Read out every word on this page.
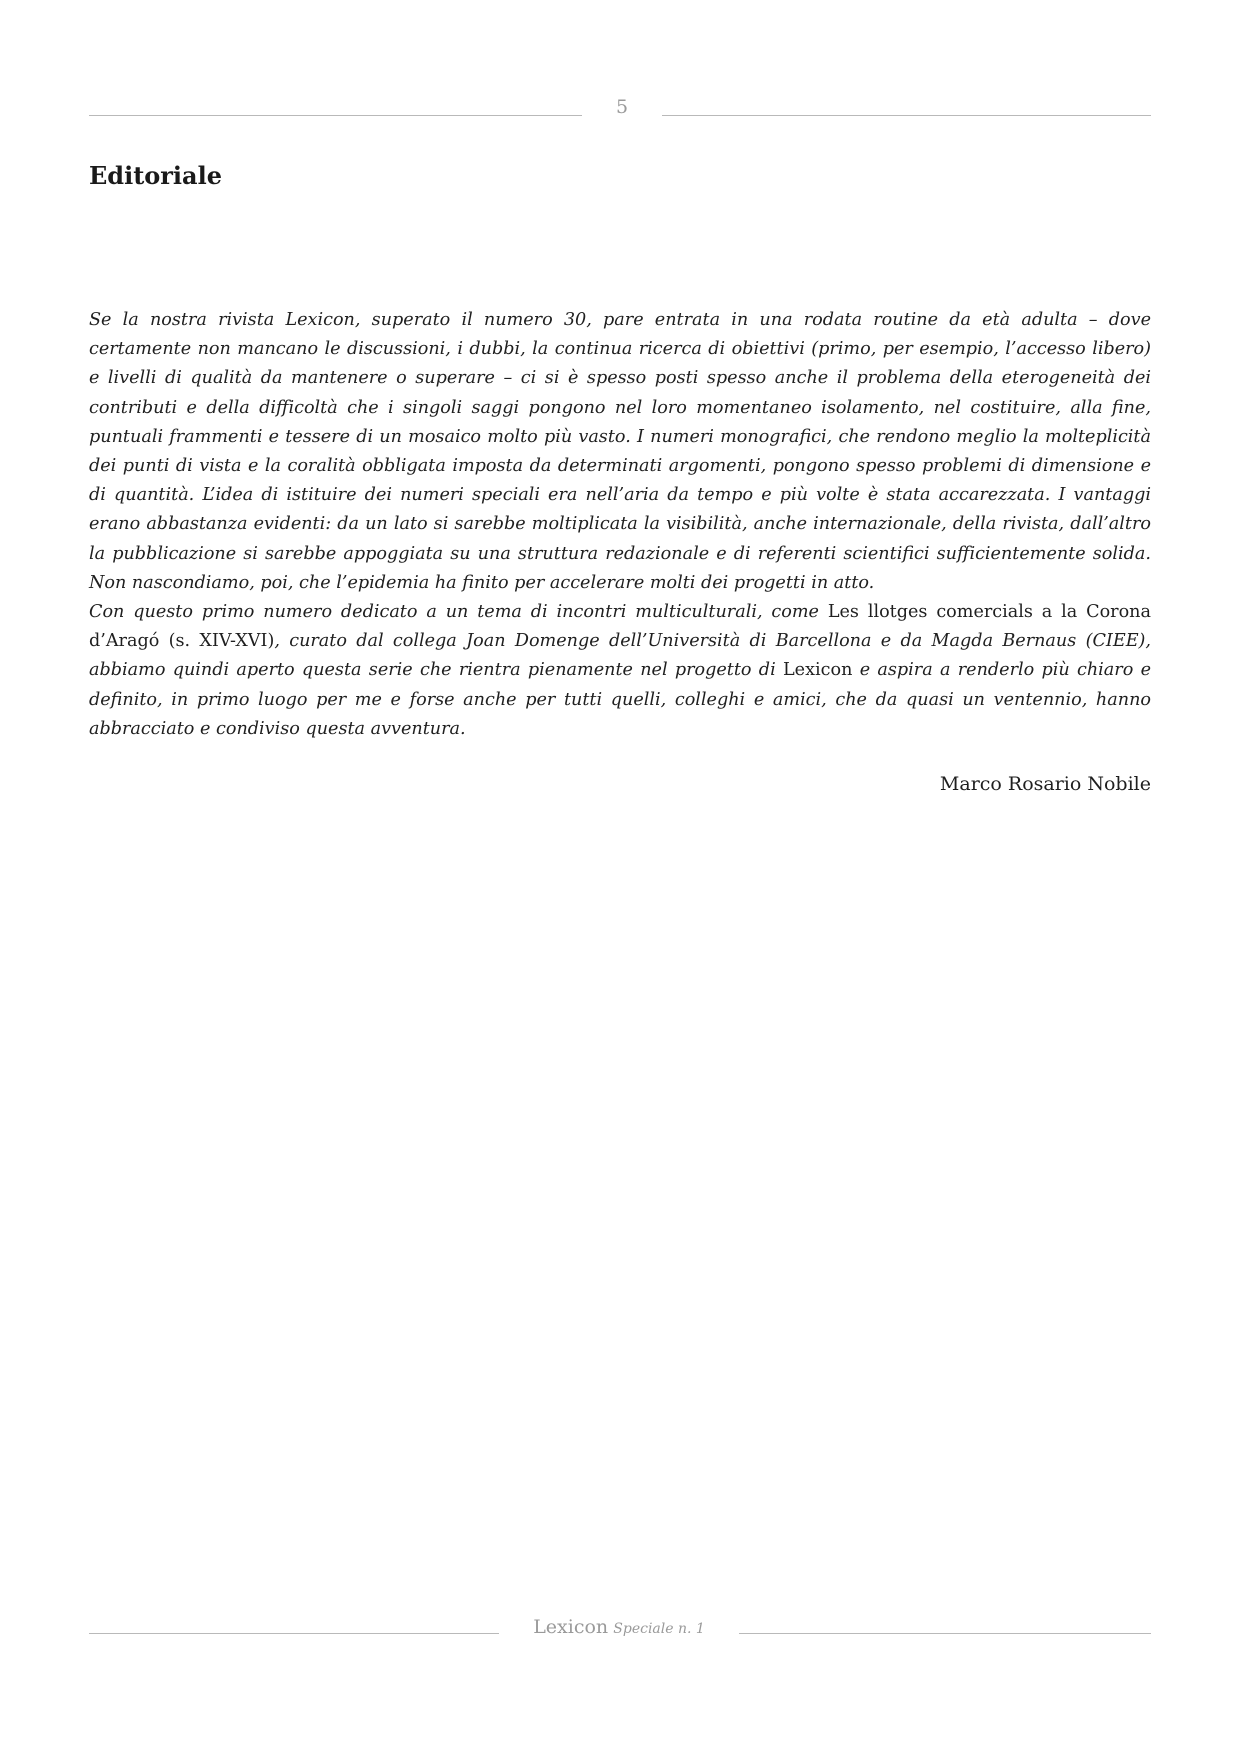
5
Editoriale

Se la nostra rivista Lexicon, superato il numero 30, pare entrata in una rodata routine da età adulta – dove certamente non mancano le discussioni, i dubbi, la continua ricerca di obiettivi (primo, per esempio, l’accesso libero) e livelli di qualità da mantenere o superare – ci si è spesso posti spesso anche il problema della eterogeneità dei contributi e della difficoltà che i singoli saggi pongono nel loro momentaneo isolamento, nel costituire, alla fine, puntuali frammenti e tessere di un mosaico molto più vasto. I numeri monografici, che rendono meglio la molteplicità dei punti di vista e la coralità obbligata imposta da determinati argomenti, pongono spesso problemi di dimensione e di quantità. L’idea di istituire dei numeri speciali era nell’aria da tempo e più volte è stata accarezzata. I vantaggi erano abbastanza evidenti: da un lato si sarebbe moltiplicata la visibilità, anche internazionale, della rivista, dall’altro la pubblicazione si sarebbe appoggiata su una struttura redazionale e di referenti scientifici sufficientemente solida. Non nascondiamo, poi, che l’epidemia ha finito per accelerare molti dei progetti in atto.

Con questo primo numero dedicato a un tema di incontri multiculturali, come Les llotges comercials a la Corona d’Aragó (s. XIV-XVI), curato dal collega Joan Domenge dell’Università di Barcellona e da Magda Bernaus (CIEE), abbiamo quindi aperto questa serie che rientra pienamente nel progetto di Lexicon e aspira a renderlo più chiaro e definito, in primo luogo per me e forse anche per tutti quelli, colleghi e amici, che da quasi un ventennio, hanno abbracciato e condiviso questa avventura.

Marco Rosario Nobile
Lexicon Speciale n. 1
